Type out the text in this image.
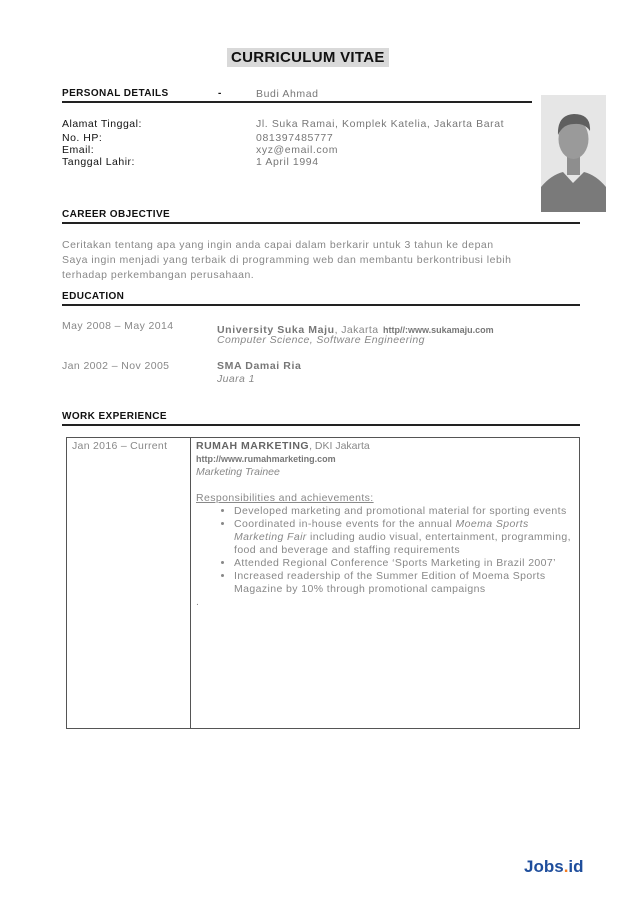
CURRICULUM VITAE
PERSONAL DETAILS	-	Budi Ahmad
Alamat Tinggal:	Jl. Suka Ramai, Komplek Katelia, Jakarta Barat
No. HP:	081397485777
Email:	xyz@email.com
Tanggal Lahir:	1 April 1994
CAREER OBJECTIVE
Ceritakan tentang apa yang ingin anda capai dalam berkarir untuk 3 tahun ke depan
Saya ingin menjadi yang terbaik di programming web dan membantu berkontribusi lebih
terhadap perkembangan perusahaan.
EDUCATION
May 2008 – May 2014	University Suka Maju, Jakarta http//:www.sukamaju.com
Computer Science, Software Engineering
Jan 2002 – Nov 2005	SMA Damai Ria
Juara 1
WORK EXPERIENCE
Jan 2016 – Current	RUMAH MARKETING, DKI Jakarta
http://www.rumahmarketing.com
Marketing Trainee
Responsibilities and achievements:
• Developed marketing and promotional material for sporting events
• Coordinated in-house events for the annual Moema Sports Marketing Fair including audio visual, entertainment, programming, food and beverage and staffing requirements
• Attended Regional Conference ‘Sports Marketing in Brazil 2007’
• Increased readership of the Summer Edition of Moema Sports Magazine by 10% through promotional campaigns
.
Jobs.id
